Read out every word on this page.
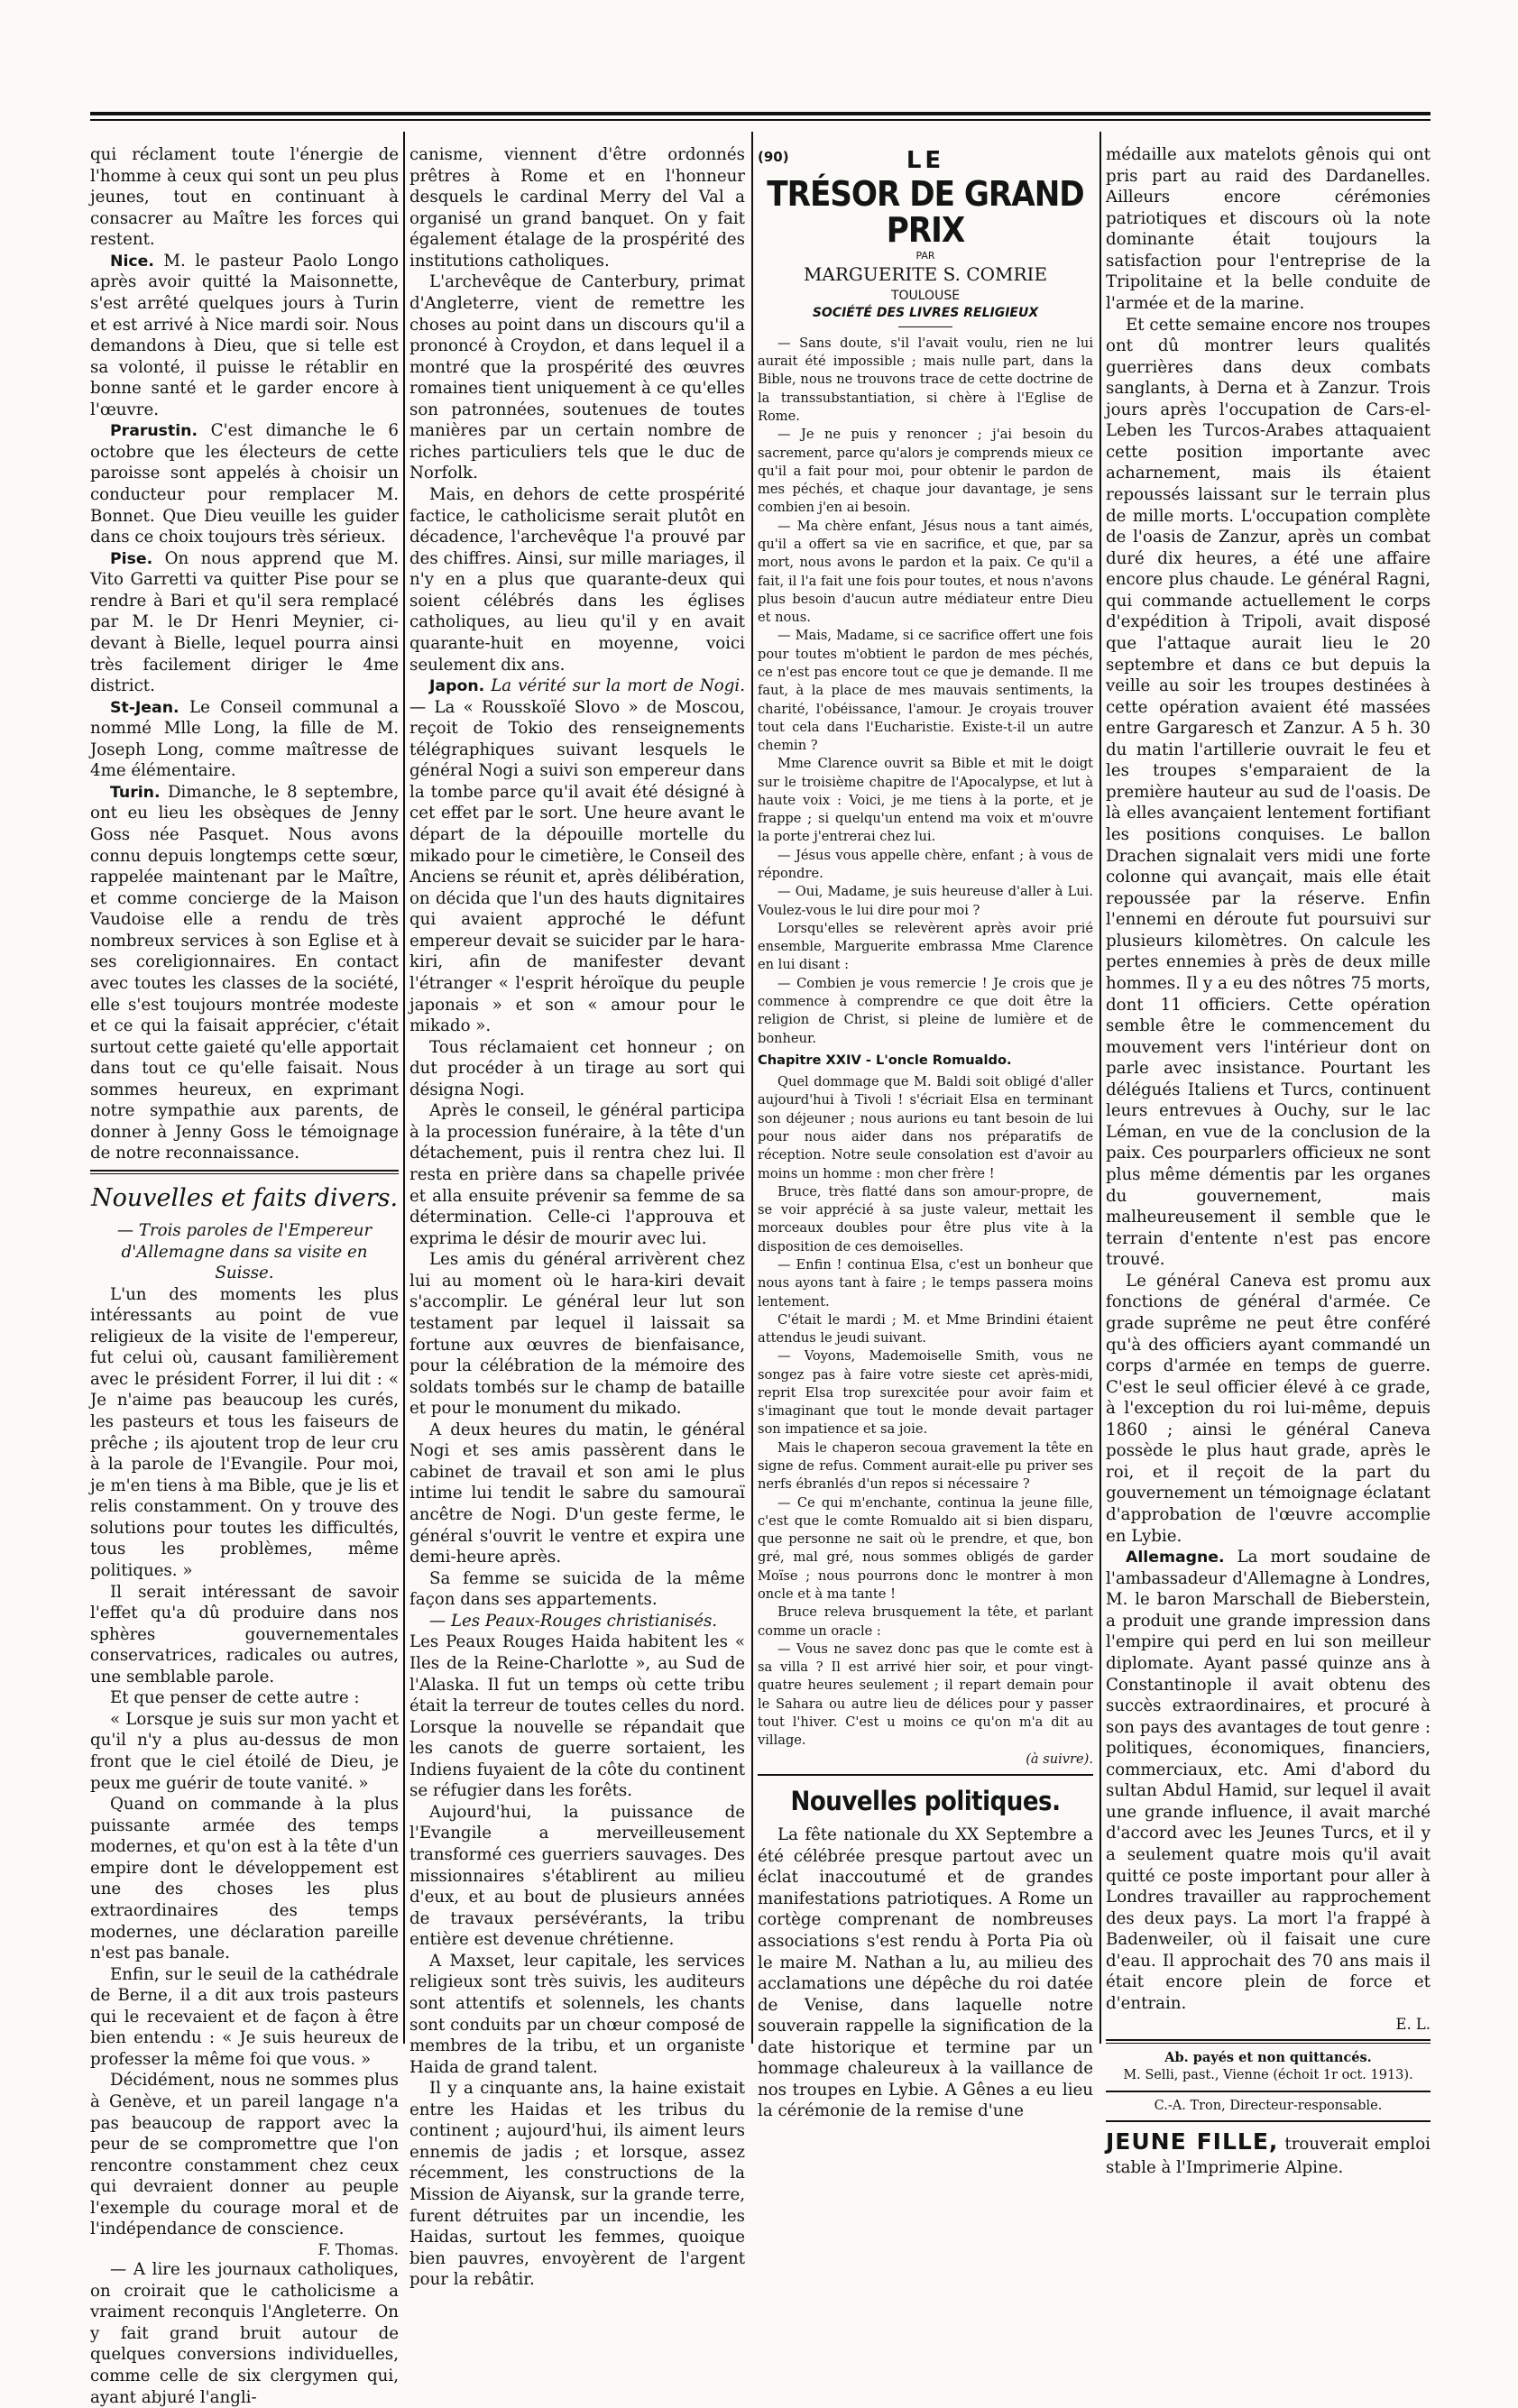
qui réclament toute l'énergie de l'homme à ceux qui sont un peu plus jeunes, tout en continuant à consacrer au Maître les forces qui restent.

Nice. M. le pasteur Paolo Longo après avoir quitté la Maisonnette, s'est arrêté quelques jours à Turin et est arrivé à Nice mardi soir. Nous demandons à Dieu, que si telle est sa volonté, il puisse le rétablir en bonne santé et le garder encore à l'œuvre.

Prarustin. C'est dimanche le 6 octobre que les électeurs de cette paroisse sont appelés à choisir un conducteur pour remplacer M. Bonnet. Que Dieu veuille les guider dans ce choix toujours très sérieux.

Pise. On nous apprend que M. Vito Garretti va quitter Pise pour se rendre à Bari et qu'il sera remplacé par M. le Dr Henri Meynier, ci-devant à Bielle, lequel pourra ainsi très facilement diriger le 4me district.

St-Jean. Le Conseil communal a nommé Mlle Long, la fille de M. Joseph Long, comme maîtresse de 4me élémentaire.

Turin. Dimanche, le 8 septembre, ont eu lieu les obsèques de Jenny Goss née Pasquet. Nous avons connu depuis longtemps cette sœur, rappelée maintenant par le Maître, et comme concierge de la Maison Vaudoise elle a rendu de très nombreux services à son Eglise et à ses coreligionnaires. En contact avec toutes les classes de la société, elle s'est toujours montrée modeste et ce qui la faisait apprécier, c'était surtout cette gaieté qu'elle apportait dans tout ce qu'elle faisait. Nous sommes heureux, en exprimant notre sympathie aux parents, de donner à Jenny Goss le témoignage de notre reconnaissance.

Nouvelles et faits divers.

— Trois paroles de l'Empereur d'Allemagne dans sa visite en Suisse.

L'un des moments les plus intéressants au point de vue religieux de la visite de l'empereur, fut celui où, causant familièrement avec le président Forrer, il lui dit : « Je n'aime pas beaucoup les curés, les pasteurs et tous les faiseurs de prêche ; ils ajoutent trop de leur cru à la parole de l'Evangile. Pour moi, je m'en tiens à ma Bible, que je lis et relis constamment. On y trouve des solutions pour toutes les difficultés, tous les problèmes, même politiques. »

Il serait intéressant de savoir l'effet qu'a dû produire dans nos sphères gouvernementales conservatrices, radicales ou autres, une semblable parole.

Et que penser de cette autre :

« Lorsque je suis sur mon yacht et qu'il n'y a plus au-dessus de mon front que le ciel étoilé de Dieu, je peux me guérir de toute vanité. »

Quand on commande à la plus puissante armée des temps modernes, et qu'on est à la tête d'un empire dont le développement est une des choses les plus extraordinaires des temps modernes, une déclaration pareille n'est pas banale.

Enfin, sur le seuil de la cathédrale de Berne, il a dit aux trois pasteurs qui le recevaient et de façon à être bien entendu : « Je suis heureux de professer la même foi que vous. »

Décidément, nous ne sommes plus à Genève, et un pareil langage n'a pas beaucoup de rapport avec la peur de se compromettre que l'on rencontre constamment chez ceux qui devraient donner au peuple l'exemple du courage moral et de l'indépendance de conscience.

F. Thomas.

— A lire les journaux catholiques, on croirait que le catholicisme a vraiment reconquis l'Angleterre. On y fait grand bruit autour de quelques conversions individuelles, comme celle de six clergymen qui, ayant abjuré l'angli-

canisme, viennent d'être ordonnés prêtres à Rome et en l'honneur desquels le cardinal Merry del Val a organisé un grand banquet. On y fait également étalage de la prospérité des institutions catholiques.

L'archevêque de Canterbury, primat d'Angleterre, vient de remettre les choses au point dans un discours qu'il a prononcé à Croydon, et dans lequel il a montré que la prospérité des œuvres romaines tient uniquement à ce qu'elles son patronnées, soutenues de toutes manières par un certain nombre de riches particuliers tels que le duc de Norfolk.

Mais, en dehors de cette prospérité factice, le catholicisme serait plutôt en décadence, l'archevêque l'a prouvé par des chiffres. Ainsi, sur mille mariages, il n'y en a plus que quarante-deux qui soient célébrés dans les églises catholiques, au lieu qu'il y en avait quarante-huit en moyenne, voici seulement dix ans.

Japon. La vérité sur la mort de Nogi. — La « Rousskoïé Slovo » de Moscou, reçoit de Tokio des renseignements télégraphiques suivant lesquels le général Nogi a suivi son empereur dans la tombe parce qu'il avait été désigné à cet effet par le sort. Une heure avant le départ de la dépouille mortelle du mikado pour le cimetière, le Conseil des Anciens se réunit et, après délibération, on décida que l'un des hauts dignitaires qui avaient approché le défunt empereur devait se suicider par le hara-kiri, afin de manifester devant l'étranger « l'esprit héroïque du peuple japonais » et son « amour pour le mikado ».

Tous réclamaient cet honneur ; on dut procéder à un tirage au sort qui désigna Nogi.

Après le conseil, le général participa à la procession funéraire, à la tête d'un détachement, puis il rentra chez lui. Il resta en prière dans sa chapelle privée et alla ensuite prévenir sa femme de sa détermination. Celle-ci l'approuva et exprima le désir de mourir avec lui.

Les amis du général arrivèrent chez lui au moment où le hara-kiri devait s'accomplir. Le général leur lut son testament par lequel il laissait sa fortune aux œuvres de bienfaisance, pour la célébration de la mémoire des soldats tombés sur le champ de bataille et pour le monument du mikado.

A deux heures du matin, le général Nogi et ses amis passèrent dans le cabinet de travail et son ami le plus intime lui tendit le sabre du samouraï ancêtre de Nogi. D'un geste ferme, le général s'ouvrit le ventre et expira une demi-heure après.

Sa femme se suicida de la même façon dans ses appartements.

— Les Peaux-Rouges christianisés.

Les Peaux Rouges Haida habitent les « Iles de la Reine-Charlotte », au Sud de l'Alaska. Il fut un temps où cette tribu était la terreur de toutes celles du nord. Lorsque la nouvelle se répandait que les canots de guerre sortaient, les Indiens fuyaient de la côte du continent se réfugier dans les forêts.

Aujourd'hui, la puissance de l'Evangile a merveilleusement transformé ces guerriers sauvages. Des missionnaires s'établirent au milieu d'eux, et au bout de plusieurs années de travaux persévérants, la tribu entière est devenue chrétienne.

A Maxset, leur capitale, les services religieux sont très suivis, les auditeurs sont attentifs et solennels, les chants sont conduits par un chœur composé de membres de la tribu, et un organiste Haida de grand talent.

Il y a cinquante ans, la haine existait entre les Haidas et les tribus du continent ; aujourd'hui, ils aiment leurs ennemis de jadis ; et lorsque, assez récemment, les constructions de la Mission de Aiyansk, sur la grande terre, furent détruites par un incendie, les Haidas, surtout les femmes, quoique bien pauvres, envoyèrent de l'argent pour la rebâtir.

(90)	LE
TRÉSOR DE GRAND PRIX
PAR
MARGUERITE S. COMRIE
TOULOUSE
SOCIÉTÉ DES LIVRES RELIGIEUX

— Sans doute, s'il l'avait voulu, rien ne lui aurait été impossible ; mais nulle part, dans la Bible, nous ne trouvons trace de cette doctrine de la transsubstantiation, si chère à l'Eglise de Rome.

— Je ne puis y renoncer ; j'ai besoin du sacrement, parce qu'alors je comprends mieux ce qu'il a fait pour moi, pour obtenir le pardon de mes péchés, et chaque jour davantage, je sens combien j'en ai besoin.

— Ma chère enfant, Jésus nous a tant aimés, qu'il a offert sa vie en sacrifice, et que, par sa mort, nous avons le pardon et la paix. Ce qu'il a fait, il l'a fait une fois pour toutes, et nous n'avons plus besoin d'aucun autre médiateur entre Dieu et nous.

— Mais, Madame, si ce sacrifice offert une fois pour toutes m'obtient le pardon de mes péchés, ce n'est pas encore tout ce que je demande. Il me faut, à la place de mes mauvais sentiments, la charité, l'obéissance, l'amour. Je croyais trouver tout cela dans l'Eucharistie. Existe-t-il un autre chemin ?

Mme Clarence ouvrit sa Bible et mit le doigt sur le troisième chapitre de l'Apocalypse, et lut à haute voix : Voici, je me tiens à la porte, et je frappe ; si quelqu'un entend ma voix et m'ouvre la porte j'entrerai chez lui.

— Jésus vous appelle chère, enfant ; à vous de répondre.

— Oui, Madame, je suis heureuse d'aller à Lui. Voulez-vous le lui dire pour moi ?

Lorsqu'elles se relevèrent après avoir prié ensemble, Marguerite embrassa Mme Clarence en lui disant :

— Combien je vous remercie ! Je crois que je commence à comprendre ce que doit être la religion de Christ, si pleine de lumière et de bonheur.

Chapitre XXIV - L'oncle Romualdo.

Quel dommage que M. Baldi soit obligé d'aller aujourd'hui à Tivoli ! s'écriait Elsa en terminant son déjeuner ; nous aurions eu tant besoin de lui pour nous aider dans nos préparatifs de réception. Notre seule consolation est d'avoir au moins un homme : mon cher frère !

Bruce, très flatté dans son amour-propre, de se voir apprécié à sa juste valeur, mettait les morceaux doubles pour être plus vite à la disposition de ces demoiselles.

— Enfin ! continua Elsa, c'est un bonheur que nous ayons tant à faire ; le temps passera moins lentement.

C'était le mardi ; M. et Mme Brindini étaient attendus le jeudi suivant.

— Voyons, Mademoiselle Smith, vous ne songez pas à faire votre sieste cet après-midi, reprit Elsa trop surexcitée pour avoir faim et s'imaginant que tout le monde devait partager son impatience et sa joie.

Mais le chaperon secoua gravement la tête en signe de refus. Comment aurait-elle pu priver ses nerfs ébranlés d'un repos si nécessaire ?

— Ce qui m'enchante, continua la jeune fille, c'est que le comte Romualdo ait si bien disparu, que personne ne sait où le prendre, et que, bon gré, mal gré, nous sommes obligés de garder Moïse ; nous pourrons donc le montrer à mon oncle et à ma tante !

Bruce releva brusquement la tête, et parlant comme un oracle :

— Vous ne savez donc pas que le comte est à sa villa ? Il est arrivé hier soir, et pour vingt-quatre heures seulement ; il repart demain pour le Sahara ou autre lieu de délices pour y passer tout l'hiver. C'est u moins ce qu'on m'a dit au village.

(à suivre).
Nouvelles politiques.

La fête nationale du XX Septembre a été célébrée presque partout avec un éclat inaccoutumé et de grandes manifestations patriotiques. A Rome un cortège comprenant de nombreuses associations s'est rendu à Porta Pia où le maire M. Nathan a lu, au milieu des acclamations une dépêche du roi datée de Venise, dans laquelle notre souverain rappelle la signification de la date historique et termine par un hommage chaleureux à la vaillance de nos troupes en Lybie. A Gênes a eu lieu la cérémonie de la remise d'une

médaille aux matelots gênois qui ont pris part au raid des Dardanelles. Ailleurs encore cérémonies patriotiques et discours où la note dominante était toujours la satisfaction pour l'entreprise de la Tripolitaine et la belle conduite de l'armée et de la marine.

Et cette semaine encore nos troupes ont dû montrer leurs qualités guerrières dans deux combats sanglants, à Derna et à Zanzur. Trois jours après l'occupation de Cars-el-Leben les Turcos-Arabes attaquaient cette position importante avec acharnement, mais ils étaient repoussés laissant sur le terrain plus de mille morts. L'occupation complète de l'oasis de Zanzur, après un combat duré dix heures, a été une affaire encore plus chaude. Le général Ragni, qui commande actuellement le corps d'expédition à Tripoli, avait disposé que l'attaque aurait lieu le 20 septembre et dans ce but depuis la veille au soir les troupes destinées à cette opération avaient été massées entre Gargaresch et Zanzur. A 5 h. 30 du matin l'artillerie ouvrait le feu et les troupes s'emparaient de la première hauteur au sud de l'oasis. De là elles avançaient lentement fortifiant les positions conquises. Le ballon Drachen signalait vers midi une forte colonne qui avançait, mais elle était repoussée par la réserve. Enfin l'ennemi en déroute fut poursuivi sur plusieurs kilomètres. On calcule les pertes ennemies à près de deux mille hommes. Il y a eu des nôtres 75 morts, dont 11 officiers. Cette opération semble être le commencement du mouvement vers l'intérieur dont on parle avec insistance. Pourtant les délégués Italiens et Turcs, continuent leurs entrevues à Ouchy, sur le lac Léman, en vue de la conclusion de la paix. Ces pourparlers officieux ne sont plus même démentis par les organes du gouvernement, mais malheureusement il semble que le terrain d'entente n'est pas encore trouvé.

Le général Caneva est promu aux fonctions de général d'armée. Ce grade suprême ne peut être conféré qu'à des officiers ayant commandé un corps d'armée en temps de guerre. C'est le seul officier élevé à ce grade, à l'exception du roi lui-même, depuis 1860 ; ainsi le général Caneva possède le plus haut grade, après le roi, et il reçoit de la part du gouvernement un témoignage éclatant d'approbation de l'œuvre accomplie en Lybie.

Allemagne. La mort soudaine de l'ambassadeur d'Allemagne à Londres, M. le baron Marschall de Bieberstein, a produit une grande impression dans l'empire qui perd en lui son meilleur diplomate. Ayant passé quinze ans à Constantinople il avait obtenu des succès extraordinaires, et procuré à son pays des avantages de tout genre : politiques, économiques, financiers, commerciaux, etc. Ami d'abord du sultan Abdul Hamid, sur lequel il avait une grande influence, il avait marché d'accord avec les Jeunes Turcs, et il y a seulement quatre mois qu'il avait quitté ce poste important pour aller à Londres travailler au rapprochement des deux pays. La mort l'a frappé à Badenweiler, où il faisait une cure d'eau. Il approchait des 70 ans mais il était encore plein de force et d'entrain.

E. L.

Ab. payés et non quittancés.

M. Selli, past., Vienne (échoit 1r oct. 1913).

C.-A. Tron, Directeur-responsable.

JEUNE FILLE, trouverait emploi stable à l'Imprimerie Alpine.
